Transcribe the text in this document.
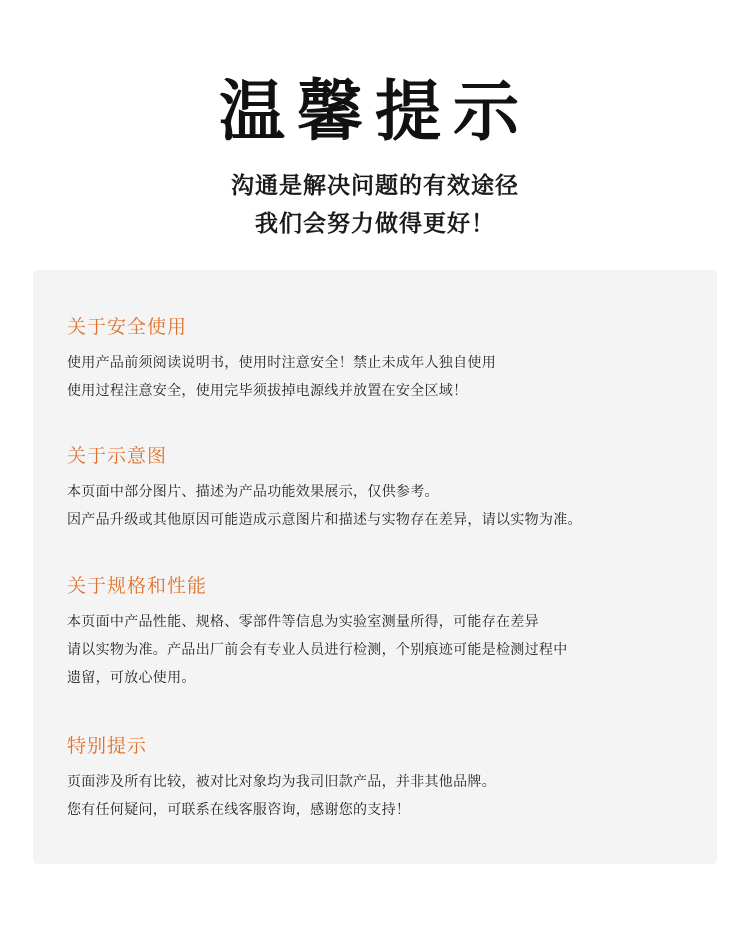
温馨提示
沟通是解决问题的有效途径
我们会努力做得更好！
关于安全使用
使用产品前须阅读说明书，使用时注意安全！禁止未成年人独自使用
使用过程注意安全，使用完毕须拔掉电源线并放置在安全区域！
关于示意图
本页面中部分图片、描述为产品功能效果展示，仅供参考。
因产品升级或其他原因可能造成示意图片和描述与实物存在差异，请以实物为准。
关于规格和性能
本页面中产品性能、规格、零部件等信息为实验室测量所得，可能存在差异
请以实物为准。产品出厂前会有专业人员进行检测，个别痕迹可能是检测过程中
遗留，可放心使用。
特别提示
页面涉及所有比较，被对比对象均为我司旧款产品，并非其他品牌。
您有任何疑问，可联系在线客服咨询，感谢您的支持！
